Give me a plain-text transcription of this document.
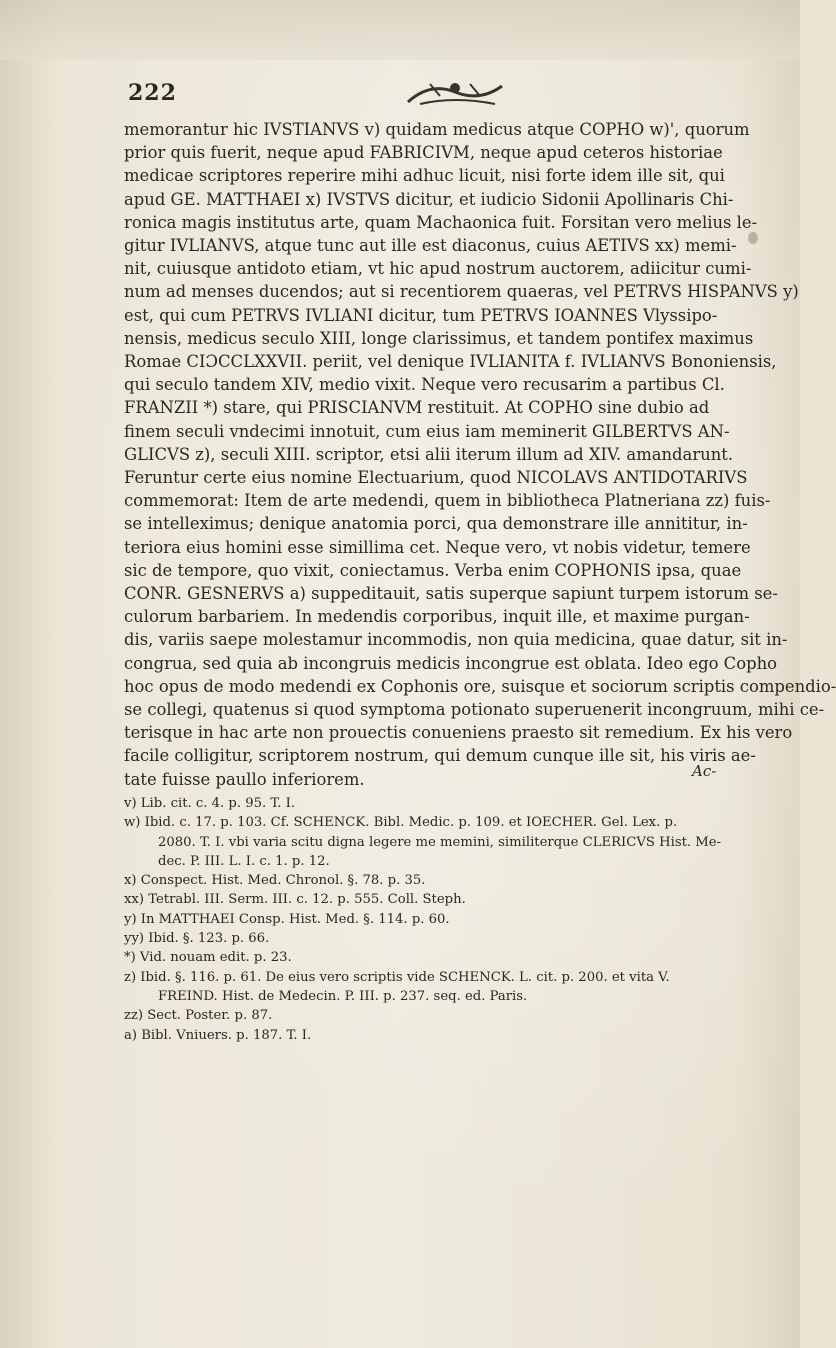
222
memorantur hic IVSTIANVS v) quidam medicus atque COPHO w)', quorum
prior quis fuerit, neque apud FABRICIVM, neque apud ceteros historiae
medicae scriptores reperire mihi adhuc licuit, nisi forte idem ille sit, qui
apud GE. MATTHAEI x) IVSTVS dicitur, et iudicio Sidonii Apollinaris Chi-
ronica magis institutus arte, quam Machaonica fuit. Forsitan vero melius le-
gitur IVLIANVS, atque tunc aut ille est diaconus, cuius AETIVS xx) memi-
nit, cuiusque antidoto etiam, vt hic apud nostrum auctorem, adiicitur cumi-
num ad menses ducendos; aut si recentiorem quaeras, vel PETRVS HISPANVS y)
est, qui cum PETRVS IVLIANI dicitur, tum PETRVS IOANNES Vlyssipo-
nensis, medicus seculo XIII, longe clarissimus, et tandem pontifex maximus
Romae CIƆCCLXXVII. periit, vel denique IVLIANITA f. IVLIANVS Bononiensis,
qui seculo tandem XIV, medio vixit. Neque vero recusarim a partibus Cl.
FRANZII *) stare, qui PRISCIANVM restituit. At COPHO sine dubio ad
finem seculi vndecimi innotuit, cum eius iam meminerit GILBERTVS AN-
GLICVS z), seculi XIII. scriptor, etsi alii iterum illum ad XIV. amandarunt.
Feruntur certe eius nomine Electuarium, quod NICOLAVS ANTIDOTARIVS
commemorat: Item de arte medendi, quem in bibliotheca Platneriana zz) fuis-
se intelleximus; denique anatomia porci, qua demonstrare ille annititur, in-
teriora eius homini esse simillima cet. Neque vero, vt nobis videtur, temere
sic de tempore, quo vixit, coniectamus. Verba enim COPHONIS ipsa, quae
CONR. GESNERVS a) suppeditauit, satis superque sapiunt turpem istorum se-
culorum barbariem. In medendis corporibus, inquit ille, et maxime purgan-
dis, variis saepe molestamur incommodis, non quia medicina, quae datur, sit in-
congrua, sed quia ab incongruis medicis incongrue est oblata. Ideo ego Copho
hoc opus de modo medendi ex Cophonis ore, suisque et sociorum scriptis compendio-
se collegi, quatenus si quod symptoma potionato superuenerit incongruum, mihi ce-
terisque in hac arte non prouectis conueniens praesto sit remedium. Ex his vero
facile colligitur, scriptorem nostrum, qui demum cunque ille sit, his viris ae-
tate fuisse paullo inferiorem.	Ac-
v) Lib. cit. c. 4. p. 95. T. I.
w) Ibid. c. 17. p. 103. Cf. SCHENCK. Bibl. Medic. p. 109. et IOECHER. Gel. Lex. p.
2080. T. I. vbi varia scitu digna legere me memini, similiterque CLERICVS Hist. Me-
dec. P. III. L. I. c. 1. p. 12.
x) Conspect. Hist. Med. Chronol. §. 78. p. 35.
xx) Tetrabl. III. Serm. III. c. 12. p. 555. Coll. Steph.
y) In MATTHAEI Consp. Hist. Med. §. 114. p. 60.
yy) Ibid. §. 123. p. 66.
*) Vid. nouam edit. p. 23.
z) Ibid. §. 116. p. 61. De eius vero scriptis vide SCHENCK. L. cit. p. 200. et vita V.
FREIND. Hist. de Medecin. P. III. p. 237. seq. ed. Paris.
zz) Sect. Poster. p. 87.
a) Bibl. Vniuers. p. 187. T. I.
